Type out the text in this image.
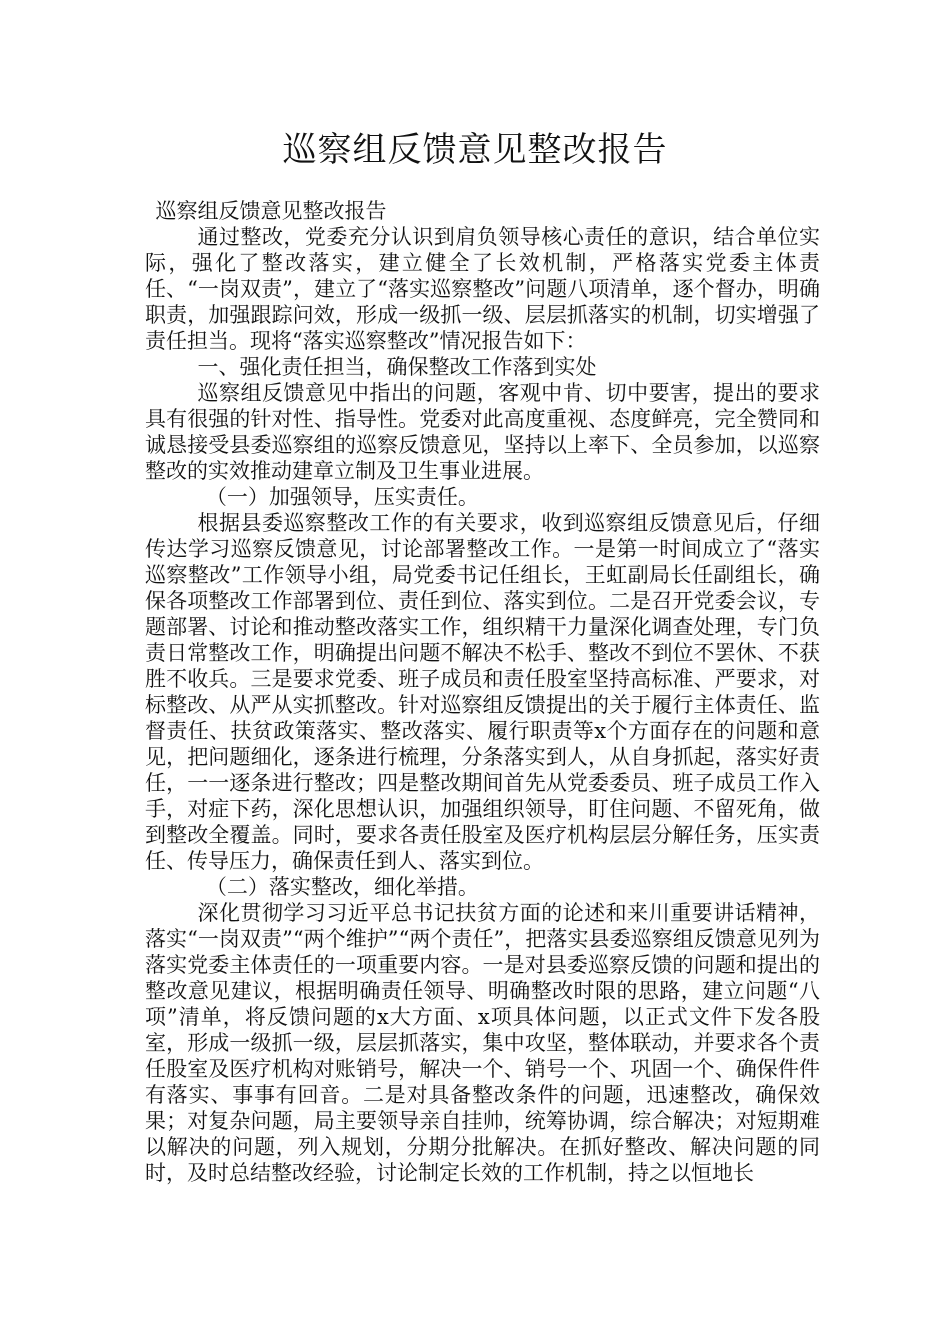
巡察组反馈意见整改报告

巡察组反馈意见整改报告

通过整改，党委充分认识到肩负领导核心责任的意识，结合单位实际，强化了整改落实，建立健全了长效机制，严格落实党委主体责任、“一岗双责”，建立了“落实巡察整改”问题八项清单，逐个督办，明确职责，加强跟踪问效，形成一级抓一级、层层抓落实的机制，切实增强了责任担当。现将“落实巡察整改”情况报告如下：

一、强化责任担当，确保整改工作落到实处

巡察组反馈意见中指出的问题，客观中肯、切中要害，提出的要求具有很强的针对性、指导性。党委对此高度重视、态度鲜亮，完全赞同和诚恳接受县委巡察组的巡察反馈意见，坚持以上率下、全员参加，以巡察整改的实效推动建章立制及卫生事业进展。

（一）加强领导，压实责任。

根据县委巡察整改工作的有关要求，收到巡察组反馈意见后，仔细传达学习巡察反馈意见，讨论部署整改工作。一是第一时间成立了“落实巡察整改”工作领导小组，局党委书记任组长，王虹副局长任副组长，确保各项整改工作部署到位、责任到位、落实到位。二是召开党委会议，专题部署、讨论和推动整改落实工作，组织精干力量深化调查处理，专门负责日常整改工作，明确提出问题不解决不松手、整改不到位不罢休、不获胜不收兵。三是要求党委、班子成员和责任股室坚持高标准、严要求，对标整改、从严从实抓整改。针对巡察组反馈提出的关于履行主体责任、监督责任、扶贫政策落实、整改落实、履行职责等x个方面存在的问题和意见，把问题细化，逐条进行梳理，分条落实到人，从自身抓起，落实好责任，一一逐条进行整改；四是整改期间首先从党委委员、班子成员工作入手，对症下药，深化思想认识，加强组织领导，盯住问题、不留死角，做到整改全覆盖。同时，要求各责任股室及医疗机构层层分解任务，压实责任、传导压力，确保责任到人、落实到位。

（二）落实整改，细化举措。

深化贯彻学习习近平总书记扶贫方面的论述和来川重要讲话精神，落实“一岗双责”“两个维护”“两个责任”，把落实县委巡察组反馈意见列为落实党委主体责任的一项重要内容。一是对县委巡察反馈的问题和提出的整改意见建议，根据明确责任领导、明确整改时限的思路，建立问题“八项”清单，将反馈问题的x大方面、x项具体问题，以正式文件下发各股室，形成一级抓一级，层层抓落实，集中攻坚，整体联动，并要求各个责任股室及医疗机构对账销号，解决一个、销号一个、巩固一个、确保件件有落实、事事有回音。二是对具备整改条件的问题，迅速整改，确保效果；对复杂问题，局主要领导亲自挂帅，统筹协调，综合解决；对短期难以解决的问题，列入规划，分期分批解决。在抓好整改、解决问题的同时，及时总结整改经验，讨论制定长效的工作机制，持之以恒地长
